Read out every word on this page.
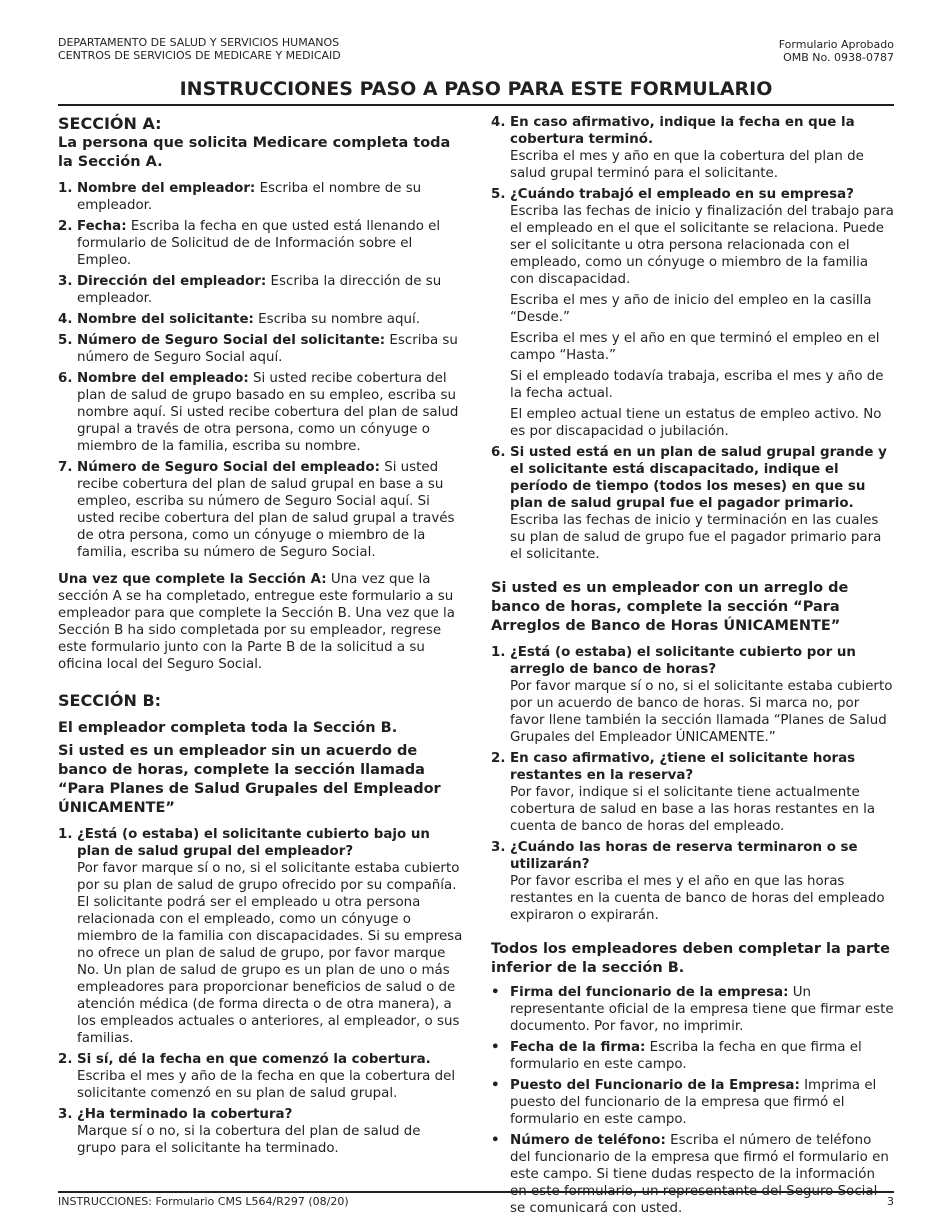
DEPARTAMENTO DE SALUD Y SERVICIOS HUMANOS
CENTROS DE SERVICIOS DE MEDICARE Y MEDICAID
Formulario Aprobado
OMB No. 0938-0787
INSTRUCCIONES PASO A PASO PARA ESTE FORMULARIO
SECCIÓN A:

La persona que solicita Medicare completa toda la Sección A.

1. Nombre del empleador: Escriba el nombre de su empleador.
2. Fecha: Escriba la fecha en que usted está llenando el formulario de Solicitud de de Información sobre el Empleo.
3. Dirección del empleador: Escriba la dirección de su empleador.
4. Nombre del solicitante: Escriba su nombre aquí.
5. Número de Seguro Social del solicitante: Escriba su número de Seguro Social aquí.
6. Nombre del empleado: Si usted recibe cobertura del plan de salud de grupo basado en su empleo, escriba su nombre aquí. Si usted recibe cobertura del plan de salud grupal a través de otra persona, como un cónyuge o miembro de la familia, escriba su nombre.
7. Número de Seguro Social del empleado: Si usted recibe cobertura del plan de salud grupal en base a su empleo, escriba su número de Seguro Social aquí. Si usted recibe cobertura del plan de salud grupal a través de otra persona, como un cónyuge o miembro de la familia, escriba su número de Seguro Social.

Una vez que complete la Sección A: Una vez que la sección A se ha completado, entregue este formulario a su empleador para que complete la Sección B. Una vez que la Sección B ha sido completada por su empleador, regrese este formulario junto con la Parte B de la solicitud a su oficina local del Seguro Social.

SECCIÓN B:

El empleador completa toda la Sección B.

Si usted es un empleador sin un acuerdo de banco de horas, complete la sección llamada “Para Planes de Salud Grupales del Empleador ÚNICAMENTE”

1. ¿Está (o estaba) el solicitante cubierto bajo un plan de salud grupal del empleador?
Por favor marque sí o no, si el solicitante estaba cubierto por su plan de salud de grupo ofrecido por su compañía. El solicitante podrá ser el empleado u otra persona relacionada con el empleado, como un cónyuge o miembro de la familia con discapacidades. Si su empresa no ofrece un plan de salud de grupo, por favor marque No. Un plan de salud de grupo es un plan de uno o más empleadores para proporcionar beneficios de salud o de atención médica (de forma directa o de otra manera), a los empleados actuales o anteriores, al empleador, o sus familias.
2. Si sí, dé la fecha en que comenzó la cobertura.
Escriba el mes y año de la fecha en que la cobertura del solicitante comenzó en su plan de salud grupal.
3. ¿Ha terminado la cobertura?
Marque sí o no, si la cobertura del plan de salud de grupo para el solicitante ha terminado.
4. En caso afirmativo, indique la fecha en que la cobertura terminó.
Escriba el mes y año en que la cobertura del plan de salud grupal terminó para el solicitante.
5. ¿Cuándo trabajó el empleado en su empresa?
Escriba las fechas de inicio y finalización del trabajo para el empleado en el que el solicitante se relaciona. Puede ser el solicitante u otra persona relacionada con el empleado, como un cónyuge o miembro de la familia con discapacidad.
Escriba el mes y año de inicio del empleo en la casilla “Desde.”
Escriba el mes y el año en que terminó el empleo en el campo “Hasta.”
Si el empleado todavía trabaja, escriba el mes y año de la fecha actual.
El empleo actual tiene un estatus de empleo activo. No es por discapacidad o jubilación.
6. Si usted está en un plan de salud grupal grande y el solicitante está discapacitado, indique el período de tiempo (todos los meses) en que su plan de salud grupal fue el pagador primario.
Escriba las fechas de inicio y terminación en las cuales su plan de salud de grupo fue el pagador primario para el solicitante.

Si usted es un empleador con un arreglo de banco de horas, complete la sección “Para Arreglos de Banco de Horas ÚNICAMENTE”

1. ¿Está (o estaba) el solicitante cubierto por un arreglo de banco de horas?
Por favor marque sí o no, si el solicitante estaba cubierto por un acuerdo de banco de horas. Si marca no, por favor llene también la sección llamada “Planes de Salud Grupales del Empleador ÚNICAMENTE.”
2. En caso afirmativo, ¿tiene el solicitante horas restantes en la reserva?
Por favor, indique si el solicitante tiene actualmente cobertura de salud en base a las horas restantes en la cuenta de banco de horas del empleado.
3. ¿Cuándo las horas de reserva terminaron o se utilizarán?
Por favor escriba el mes y el año en que las horas restantes en la cuenta de banco de horas del empleado expiraron o expirarán.

Todos los empleadores deben completar la parte inferior de la sección B.

• Firma del funcionario de la empresa: Un representante oficial de la empresa tiene que firmar este documento. Por favor, no imprimir.
• Fecha de la firma: Escriba la fecha en que firma el formulario en este campo.
• Puesto del Funcionario de la Empresa: Imprima el puesto del funcionario de la empresa que firmó el formulario en este campo.
• Número de teléfono: Escriba el número de teléfono del funcionario de la empresa que firmó el formulario en este campo. Si tiene dudas respecto de la información en este formulario, un representante del Seguro Social se comunicará con usted.
INSTRUCCIONES: Formulario CMS L564/R297 (08/20)	3
